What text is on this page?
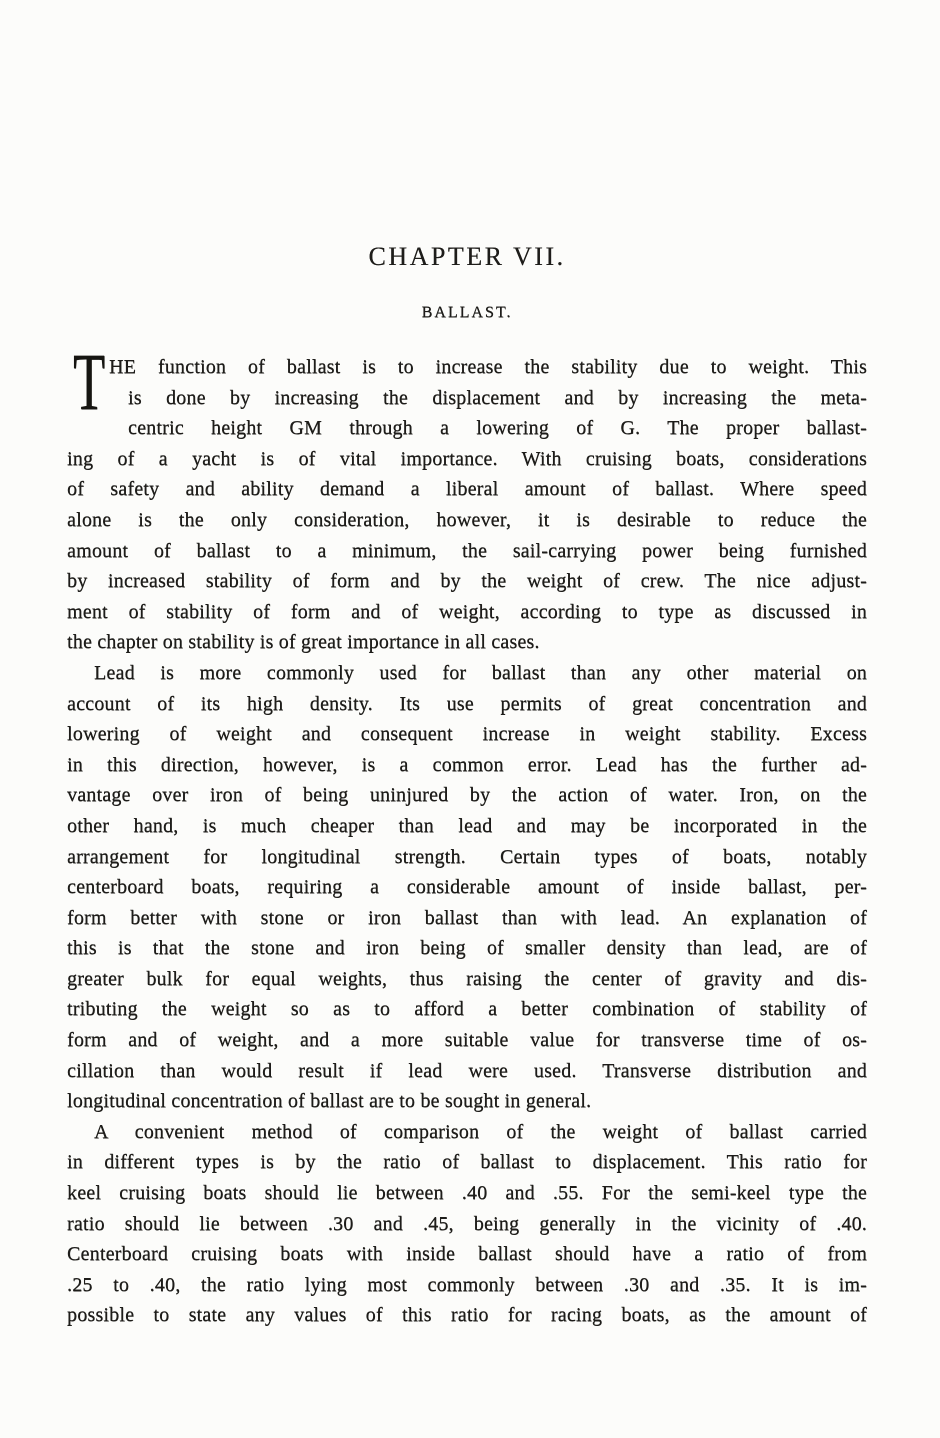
CHAPTER VII.
BALLAST.
T HE function of ballast is to increase the stability due to weight. This
is done by increasing the displacement and by increasing the meta-
centric height GM through a lowering of G. The proper ballast-
ing of a yacht is of vital importance. With cruising boats, considerations
of safety and ability demand a liberal amount of ballast. Where speed
alone is the only consideration, however, it is desirable to reduce the
amount of ballast to a minimum, the sail-carrying power being furnished
by increased stability of form and by the weight of crew. The nice adjust-
ment of stability of form and of weight, according to type as discussed in
the chapter on stability is of great importance in all cases.
Lead is more commonly used for ballast than any other material on
account of its high density. Its use permits of great concentration and
lowering of weight and consequent increase in weight stability. Excess
in this direction, however, is a common error. Lead has the further ad-
vantage over iron of being uninjured by the action of water. Iron, on the
other hand, is much cheaper than lead and may be incorporated in the
arrangement for longitudinal strength. Certain types of boats, notably
centerboard boats, requiring a considerable amount of inside ballast, per-
form better with stone or iron ballast than with lead. An explanation of
this is that the stone and iron being of smaller density than lead, are of
greater bulk for equal weights, thus raising the center of gravity and dis-
tributing the weight so as to afford a better combination of stability of
form and of weight, and a more suitable value for transverse time of os-
cillation than would result if lead were used. Transverse distribution and
longitudinal concentration of ballast are to be sought in general.
A convenient method of comparison of the weight of ballast carried
in different types is by the ratio of ballast to displacement. This ratio for
keel cruising boats should lie between .40 and .55. For the semi-keel type the
ratio should lie between .30 and .45, being generally in the vicinity of .40.
Centerboard cruising boats with inside ballast should have a ratio of from
.25 to .40, the ratio lying most commonly between .30 and .35. It is im-
possible to state any values of this ratio for racing boats, as the amount of
